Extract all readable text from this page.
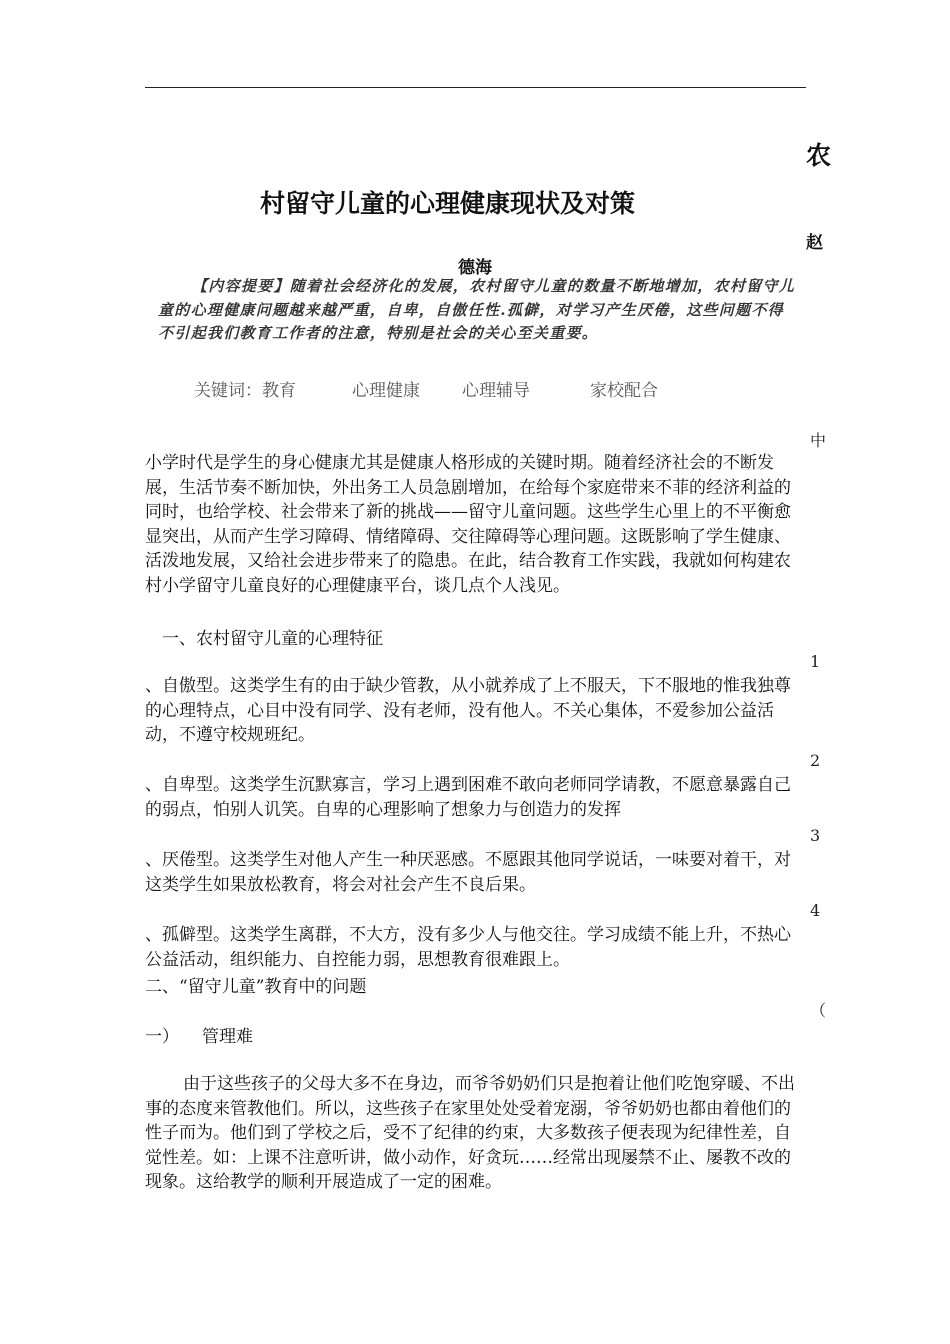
农
村留守儿童的心理健康现状及对策
赵
德海
【内容提要】随着社会经济化的发展，农村留守儿童的数量不断地增加，农村留守儿童的心理健康问题越来越严重，自卑，自傲任性.孤僻，对学习产生厌倦，这些问题不得不引起我们教育工作者的注意，特别是社会的关心至关重要。
关键词：教育	心理健康 心理辅导	家校配合
中
小学时代是学生的身心健康尤其是健康人格形成的关键时期。随着经济社会的不断发展，生活节奏不断加快，外出务工人员急剧增加，在给每个家庭带来不菲的经济利益的同时，也给学校、社会带来了新的挑战——留守儿童问题。这些学生心里上的不平衡愈显突出，从而产生学习障碍、情绪障碍、交往障碍等心理问题。这既影响了学生健康、活泼地发展，又给社会进步带来了的隐患。在此，结合教育工作实践，我就如何构建农村小学留守儿童良好的心理健康平台，谈几点个人浅见。
一、农村留守儿童的心理特征
1
、自傲型。这类学生有的由于缺少管教，从小就养成了上不服天，下不服地的惟我独尊的心理特点，心目中没有同学、没有老师，没有他人。不关心集体，不爱参加公益活动，不遵守校规班纪。
2
、自卑型。这类学生沉默寡言，学习上遇到困难不敢向老师同学请教，不愿意暴露自己的弱点，怕别人讥笑。自卑的心理影响了想象力与创造力的发挥
3
、厌倦型。这类学生对他人产生一种厌恶感。不愿跟其他同学说话，一味要对着干，对这类学生如果放松教育，将会对社会产生不良后果。
4
、孤僻型。这类学生离群，不大方，没有多少人与他交往。学习成绩不能上升，不热心公益活动，组织能力、自控能力弱，思想教育很难跟上。
二、“留守儿童”教育中的问题
（
一） 管理难
由于这些孩子的父母大多不在身边，而爷爷奶奶们只是抱着让他们吃饱穿暖、不出事的态度来管教他们。所以，这些孩子在家里处处受着宠溺，爷爷奶奶也都由着他们的性子而为。他们到了学校之后，受不了纪律的约束，大多数孩子便表现为纪律性差，自觉性差。如：上课不注意听讲，做小动作，好贪玩……经常出现屡禁不止、屡教不改的现象。这给教学的顺利开展造成了一定的困难。
